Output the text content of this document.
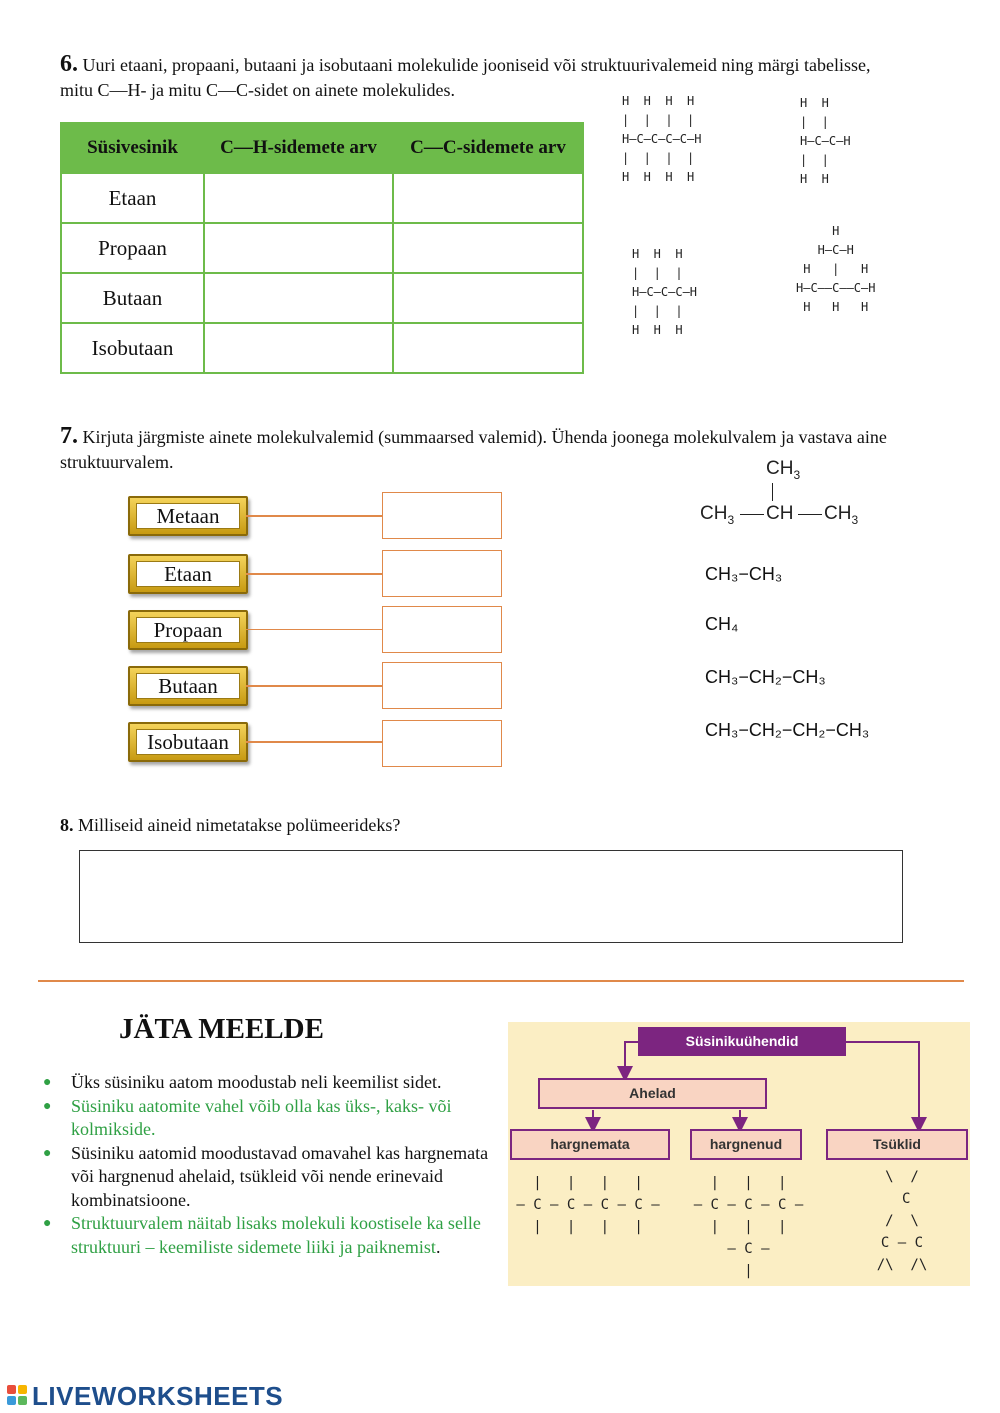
6. Uuri etaani, propaani, butaani ja isobutaani molekulide jooniseid või struktuurivalemeid ning märgi tabelisse, mitu C—H- ja mitu C—C-sidet on ainete molekulides.
Süsivesinik	C—H-sidemete arv	C—C-sidemete arv
Etaan		
Propaan		
Butaan		
Isobutaan		
H  H  H  H
|  |  |  |
H—C—C—C—C—H
|  |  |  |
H  H  H  H
H  H
|  |
H—C—C—H
|  |
H  H
H  H  H
|  |  |
H—C—C—C—H
|  |  |
H  H  H
H
H—C—H
H   |   H
H—C——C——C—H
H   H   H
7. Kirjuta järgmiste ainete molekulvalemid (summaarsed valemid). Ühenda joonega molekulvalem ja vastava aine struktuurvalem.
Metaan
Etaan
Propaan
Butaan
Isobutaan
$CH_3$
$CH_3$ CH $CH_3$
CH₃−CH₃
CH₄
CH₃−CH₂−CH₃
CH₃−CH₂−CH₂−CH₃
8. Milliseid aineid nimetatakse polümeerideks?
JÄTA MEELDE
● Üks süsiniku aatom moodustab neli keemilist sidet.
● Süsiniku aatomite vahel võib olla kas üks-, kaks- või kolmikside.
● Süsiniku aatomid moodustavad omavahel kas hargnemata või hargnenud ahelaid, tsükleid või nende erinevaid kombinatsioone.
● Struktuurvalem näitab lisaks molekuli koostisele ka selle struktuuri – keemiliste sidemete liiki ja paiknemist.
Süsinikuühendid
Ahelad
hargnemata	hargnenud	Tsüklid
|   |   |   |
— C — C — C — C —
|   |   |   |
|   |   |
— C — C — C —
|   |   |
— C —
|
\  /
C
/  \
C — C
/\  /\
LIVEWORKSHEETS
